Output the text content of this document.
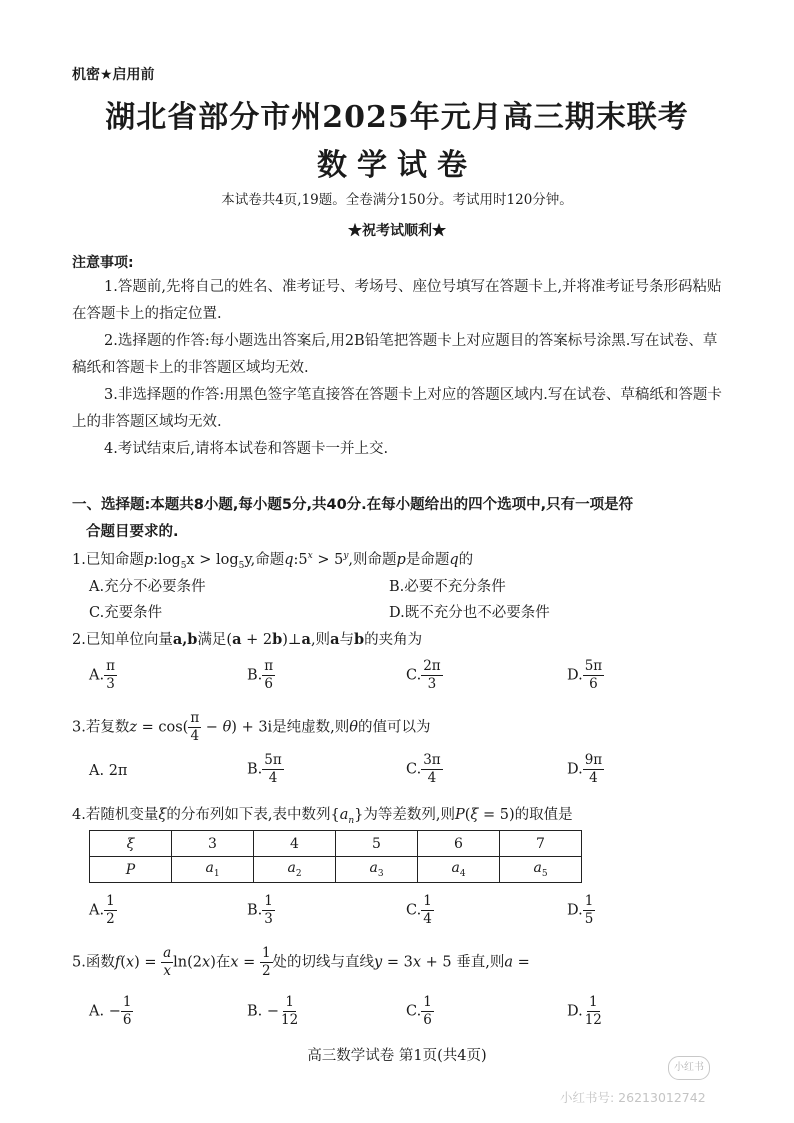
机密★启用前
湖北省部分市州2025年元月高三期末联考
数学试卷
本试卷共4页,19题。全卷满分150分。考试用时120分钟。
★祝考试顺利★
注意事项:
1.答题前,先将自己的姓名、准考证号、考场号、座位号填写在答题卡上,并将准考证号条形码粘贴在答题卡上的指定位置.
2.选择题的作答:每小题选出答案后,用2B铅笔把答题卡上对应题目的答案标号涂黑.写在试卷、草稿纸和答题卡上的非答题区域均无效.
3.非选择题的作答:用黑色签字笔直接答在答题卡上对应的答题区域内.写在试卷、草稿纸和答题卡上的非答题区域均无效.
4.考试结束后,请将本试卷和答题卡一并上交.
一、选择题:本题共8小题,每小题5分,共40分.在每小题给出的四个选项中,只有一项是符
合题目要求的.
1.已知命题$p:\log_5x > \log_5y$,命题$q:5^x > 5^y$,则命题p是命题q的
A.充分不必要条件	B.必要不充分条件
C.充要条件	D.既不充分也不必要条件
2.已知单位向量a,b满足(a + 2b)⊥a,则a与b的夹角为
A. $\frac{\pi}{3}$	B. $\frac{\pi}{6}$	C. $\frac{2\pi}{3}$	D. $\frac{5\pi}{6}$
3.若复数$z = \cos( \frac{\pi}{4} - \theta) + 3i$是纯虚数,则θ的值可以为
A. 2π	B. $\frac{5\pi}{4}$	C. $\frac{3\pi}{4}$	D. $\frac{9\pi}{4}$
4.若随机变量ξ的分布列如下表,表中数列$\{a_n\}$为等差数列,则P(ξ = 5)的取值是
ξ	3	4	5	6	7
P	$a_1$	$a_2$	$a_3$	$a_4$	$a_5$
A. $\frac{1}{2}$	B. $\frac{1}{3}$	C. $\frac{1}{4}$	D. $\frac{1}{5}$
5.函数$f(x) = \frac{a}{x} \ln(2x)$在$x = \frac{1}{2}$ 处的切线与直线y = 3x + 5 垂直,则a =
A. − $\frac{1}{6}$	B. − $\frac{1}{12}$	C. $\frac{1}{6}$	D. $\frac{1}{12}$
高三数学试卷 第1页(共4页)
小红书
小红书号: 26213012742
